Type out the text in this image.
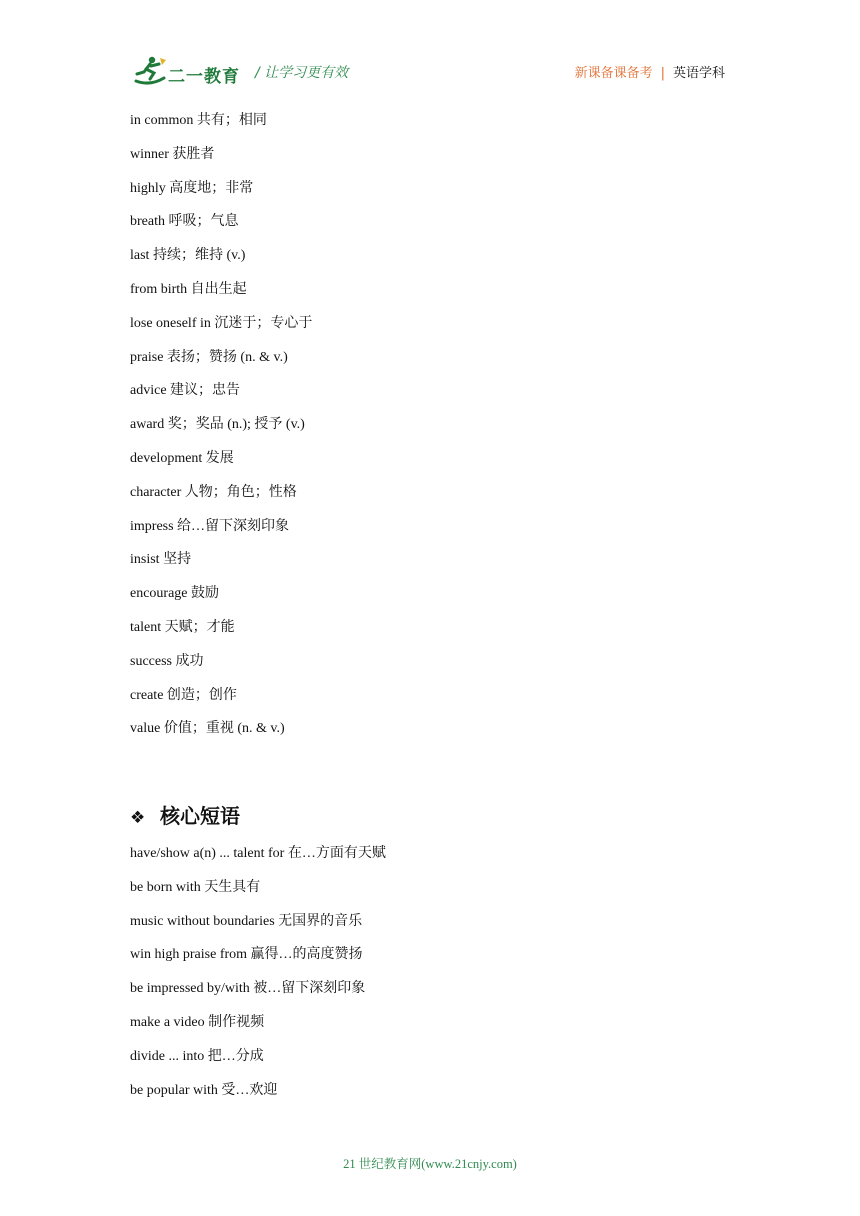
二一教育 / 让学习更有效	新课备课备考 | 英语学科
in common 共有；相同
winner 获胜者
highly 高度地；非常
breath 呼吸；气息
last 持续；维持 (v.)
from birth 自出生起
lose oneself in 沉迷于；专心于
praise 表扬；赞扬 (n. & v.)
advice 建议；忠告
award 奖；奖品 (n.); 授予 (v.)
development 发展
character 人物；角色；性格
impress 给…留下深刻印象
insist 坚持
encourage 鼓励
talent 天赋；才能
success 成功
create 创造；创作
value 价值；重视 (n. & v.)
❖ 核心短语
have/show a(n) ... talent for 在…方面有天赋
be born with 天生具有
music without boundaries 无国界的音乐
win high praise from 赢得…的高度赞扬
be impressed by/with 被…留下深刻印象
make a video 制作视频
divide ... into 把…分成
be popular with 受…欢迎
21 世纪教育网(www.21cnjy.com)
